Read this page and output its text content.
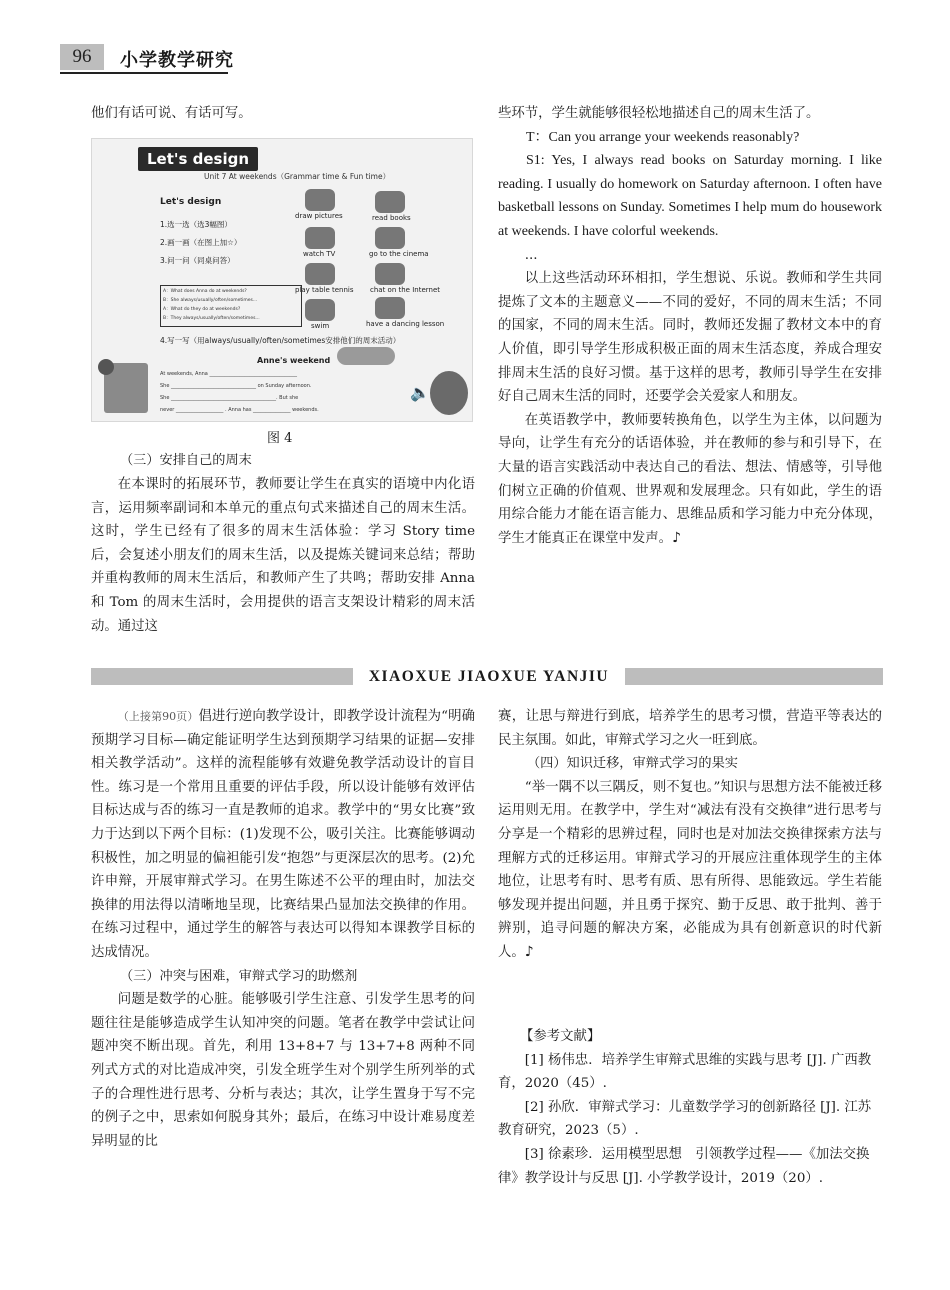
96	小学教学研究

他们有话可说、有话可写。

Let's design
Unit 7 At weekends（Grammar time & Fun time）
Let's design
1.选一选（选3幅图）
2.画一画（在图上加☆）
3.问一问（同桌问答）
draw pictures	read books
watch TV	go to the cinema
play table tennis chat on the Internet
swim	have a dancing lesson
A：What does Anna do at weekends?
B：She always/usually/often/sometimes...
A：What do they do at weekends?
B：They always/usually/often/sometimes...
4.写一写（用always/usually/often/sometimes安排他们的周末活动）
Anne's weekend
At weekends, Anna ___________________________________
She __________________________________ on Sunday afternoon.
She __________________________________________. But she
never ___________________ . Anna has _______________ weekends.
🔈
图 4

（三）安排自己的周末

在本课时的拓展环节，教师要让学生在真实的语境中内化语言，运用频率副词和本单元的重点句式来描述自己的周末生活。这时，学生已经有了很多的周末生活体验：学习 Story time 后，会复述小朋友们的周末生活，以及提炼关键词来总结；帮助并重构教师的周末生活后，和教师产生了共鸣；帮助安排 Anna 和 Tom 的周末生活时，会用提供的语言支架设计精彩的周末活动。通过这

些环节，学生就能够很轻松地描述自己的周末生活了。

T：Can you arrange your weekends reasonably?

S1: Yes, I always read books on Saturday morning. I like reading. I usually do homework on Saturday afternoon. I often have basketball lessons on Sunday. Sometimes I help mum do housework at weekends. I have colorful weekends.

...

以上这些活动环环相扣，学生想说、乐说。教师和学生共同提炼了文本的主题意义——不同的爱好，不同的周末生活；不同的国家，不同的周末生活。同时，教师还发掘了教材文本中的育人价值，即引导学生形成积极正面的周末生活态度，养成合理安排周末生活的良好习惯。基于这样的思考，教师引导学生在安排好自己周末生活的同时，还要学会关爱家人和朋友。

在英语教学中，教师要转换角色，以学生为主体，以问题为导向，让学生有充分的话语体验，并在教师的参与和引导下，在大量的语言实践活动中表达自己的看法、想法、情感等，引导他们树立正确的价值观、世界观和发展理念。只有如此，学生的语用综合能力才能在语言能力、思维品质和学习能力中充分体现，学生才能真正在课堂中发声。♪

XIAOXUE JIAOXUE YANJIU

（上接第90页）倡进行逆向教学设计，即教学设计流程为“明确预期学习目标—确定能证明学生达到预期学习结果的证据—安排相关教学活动”。这样的流程能够有效避免教学活动设计的盲目性。练习是一个常用且重要的评估手段，所以设计能够有效评估目标达成与否的练习一直是教师的追求。教学中的“男女比赛”致力于达到以下两个目标：(1)发现不公，吸引关注。比赛能够调动积极性，加之明显的偏袒能引发“抱怨”与更深层次的思考。(2)允许申辩，开展审辩式学习。在男生陈述不公平的理由时，加法交换律的用法得以清晰地呈现，比赛结果凸显加法交换律的作用。在练习过程中，通过学生的解答与表达可以得知本课教学目标的达成情况。

（三）冲突与困难，审辩式学习的助燃剂

问题是数学的心脏。能够吸引学生注意、引发学生思考的问题往往是能够造成学生认知冲突的问题。笔者在教学中尝试让问题冲突不断出现。首先，利用 13+8+7 与 13+7+8 两种不同列式方式的对比造成冲突，引发全班学生对个别学生所列举的式子的合理性进行思考、分析与表达；其次，让学生置身于写不完的例子之中，思索如何脱身其外；最后，在练习中设计难易度差异明显的比

赛，让思与辩进行到底，培养学生的思考习惯，营造平等表达的民主氛围。如此，审辩式学习之火一旺到底。

（四）知识迁移，审辩式学习的果实

“举一隅不以三隅反，则不复也。”知识与思想方法不能被迁移运用则无用。在教学中，学生对“减法有没有交换律”进行思考与分享是一个精彩的思辨过程，同时也是对加法交换律探索方法与理解方式的迁移运用。审辩式学习的开展应注重体现学生的主体地位，让思考有时、思考有质、思有所得、思能致远。学生若能够发现并提出问题，并且勇于探究、勤于反思、敢于批判、善于辨别，追寻问题的解决方案，必能成为具有创新意识的时代新人。♪

【参考文献】

[1] 杨伟忠．培养学生审辩式思维的实践与思考 [J]. 广西教育，2020（45）.

[2] 孙欣．审辩式学习：儿童数学学习的创新路径 [J]. 江苏教育研究，2023（5）.

[3] 徐素珍．运用模型思想　引领教学过程——《加法交换律》教学设计与反思 [J]. 小学教学设计，2019（20）.
